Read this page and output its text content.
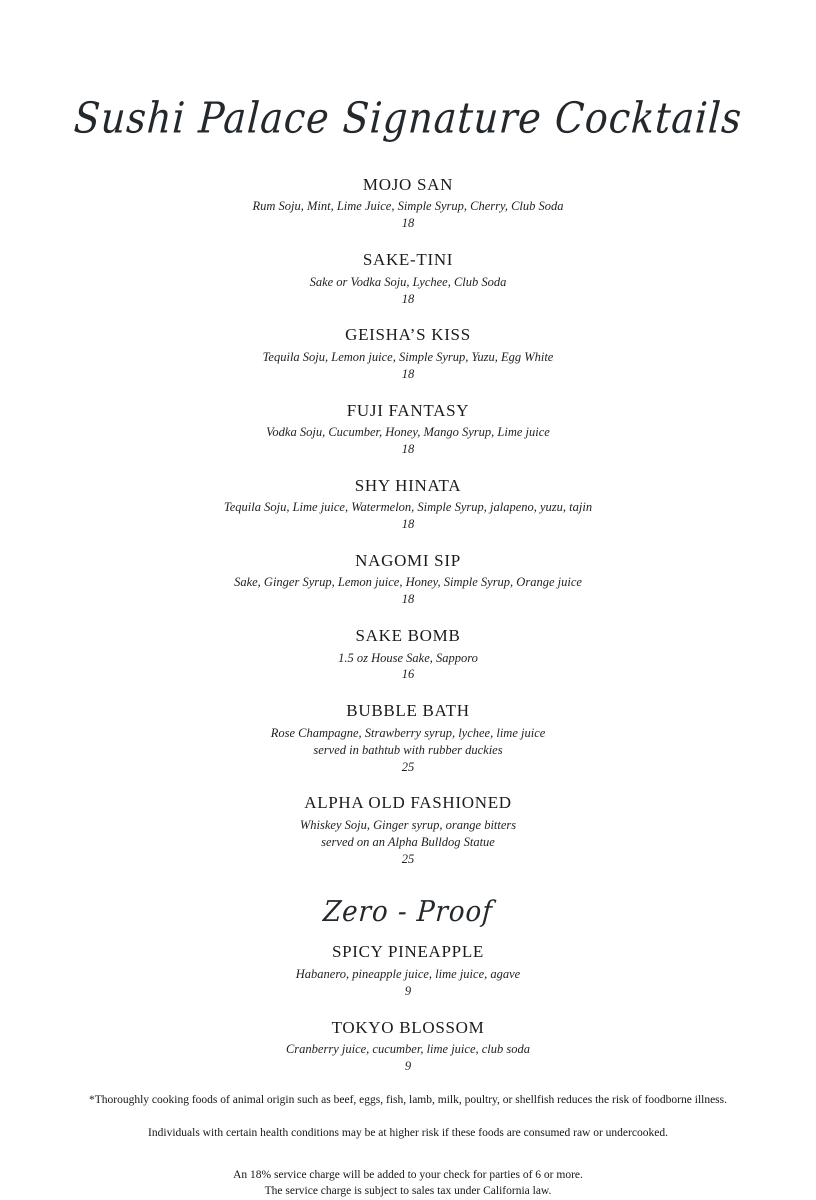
Sushi Palace Signature Cocktails
MOJO SAN
Rum Soju, Mint, Lime Juice, Simple Syrup, Cherry, Club Soda
18
SAKE-TINI
Sake or Vodka Soju, Lychee, Club Soda
18
GEISHA’S KISS
Tequila Soju, Lemon juice, Simple Syrup, Yuzu, Egg White
18
FUJI FANTASY
Vodka Soju, Cucumber, Honey, Mango Syrup, Lime juice
18
SHY HINATA
Tequila Soju, Lime juice, Watermelon, Simple Syrup, jalapeno, yuzu, tajin
18
NAGOMI SIP
Sake, Ginger Syrup, Lemon juice, Honey, Simple Syrup, Orange juice
18
SAKE BOMB
1.5 oz House Sake, Sapporo
16
BUBBLE BATH
Rose Champagne, Strawberry syrup, lychee, lime juice
served in bathtub with rubber duckies
25
ALPHA OLD FASHIONED
Whiskey Soju, Ginger syrup, orange bitters
served on an Alpha Bulldog Statue
25
Zero - Proof
SPICY PINEAPPLE
Habanero, pineapple juice, lime juice, agave
9
TOKYO BLOSSOM
Cranberry juice, cucumber, lime juice, club soda
9
*Thoroughly cooking foods of animal origin such as beef, eggs, fish, lamb, milk, poultry, or shellfish reduces the risk of foodborne illness.
Individuals with certain health conditions may be at higher risk if these foods are consumed raw or undercooked.
An 18% service charge will be added to your check for parties of 6 or more.
The service charge is subject to sales tax under California law.
